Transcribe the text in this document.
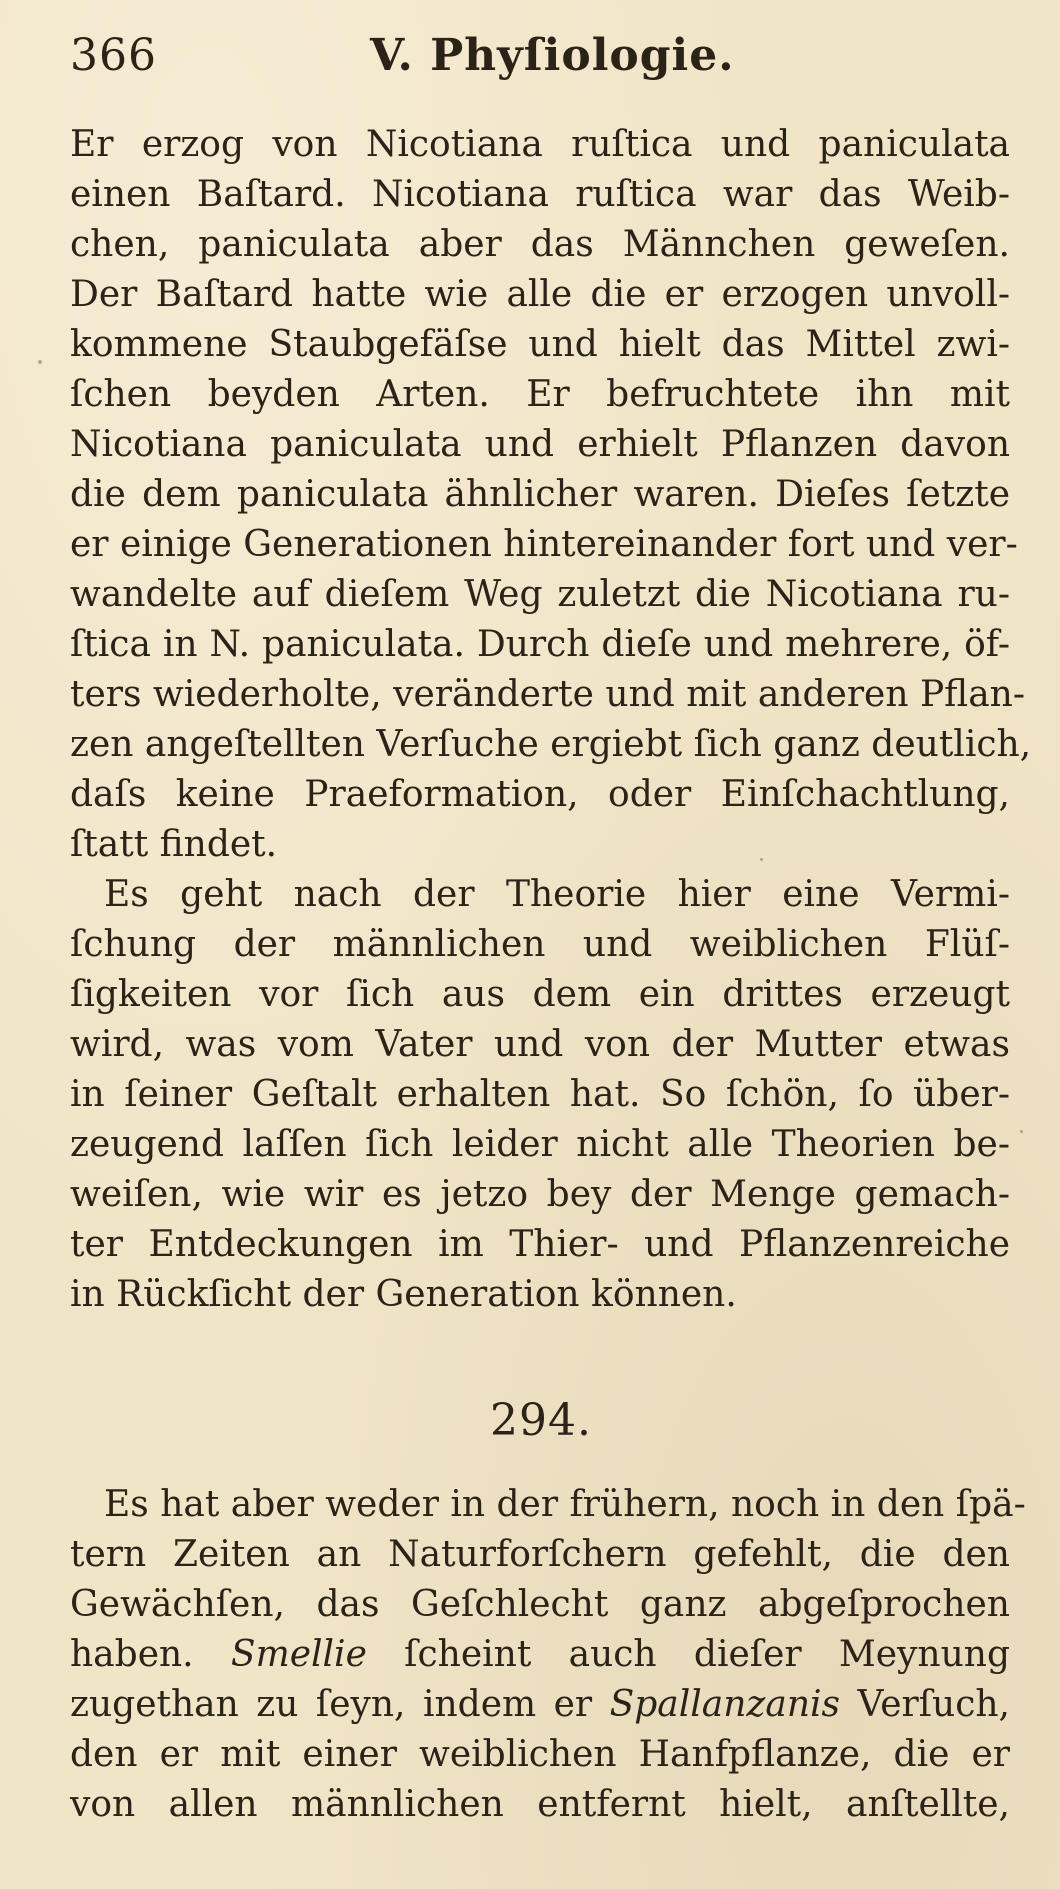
366	V. Phyſiologie.
Er erzog von Nicotiana ruſtica und paniculata
einen Baſtard. Nicotiana ruſtica war das Weib-
chen, paniculata aber das Männchen geweſen.
Der Baſtard hatte wie alle die er erzogen unvoll-
kommene Staubgefäſse und hielt das Mittel zwi-
ſchen beyden Arten. Er befruchtete ihn mit
Nicotiana paniculata und erhielt Pflanzen davon
die dem paniculata ähnlicher waren. Dieſes ſetzte
er einige Generationen hintereinander fort und ver-
wandelte auf dieſem Weg zuletzt die Nicotiana ru-
ſtica in N. paniculata. Durch dieſe und mehrere, öf-
ters wiederholte, veränderte und mit anderen Pflan-
zen angeſtellten Verſuche ergiebt ſich ganz deutlich,
daſs keine Praeformation, oder Einſchachtlung,
ſtatt findet.
Es geht nach der Theorie hier eine Vermi-
ſchung der männlichen und weiblichen Flüſ-
ſigkeiten vor ſich aus dem ein drittes erzeugt
wird, was vom Vater und von der Mutter etwas
in ſeiner Geſtalt erhalten hat. So ſchön, ſo über-
zeugend laſſen ſich leider nicht alle Theorien be-
weiſen, wie wir es jetzo bey der Menge gemach-
ter Entdeckungen im Thier- und Pflanzenreiche
in Rückſicht der Generation können.
294.
Es hat aber weder in der frühern, noch in den ſpä-
tern Zeiten an Naturforſchern gefehlt, die den
Gewächſen, das Geſchlecht ganz abgeſprochen
haben. Smellie ſcheint auch dieſer Meynung
zugethan zu ſeyn, indem er Spallanzanis Verſuch,
den er mit einer weiblichen Hanfpflanze, die er
von allen männlichen entfernt hielt, anſtellte,
